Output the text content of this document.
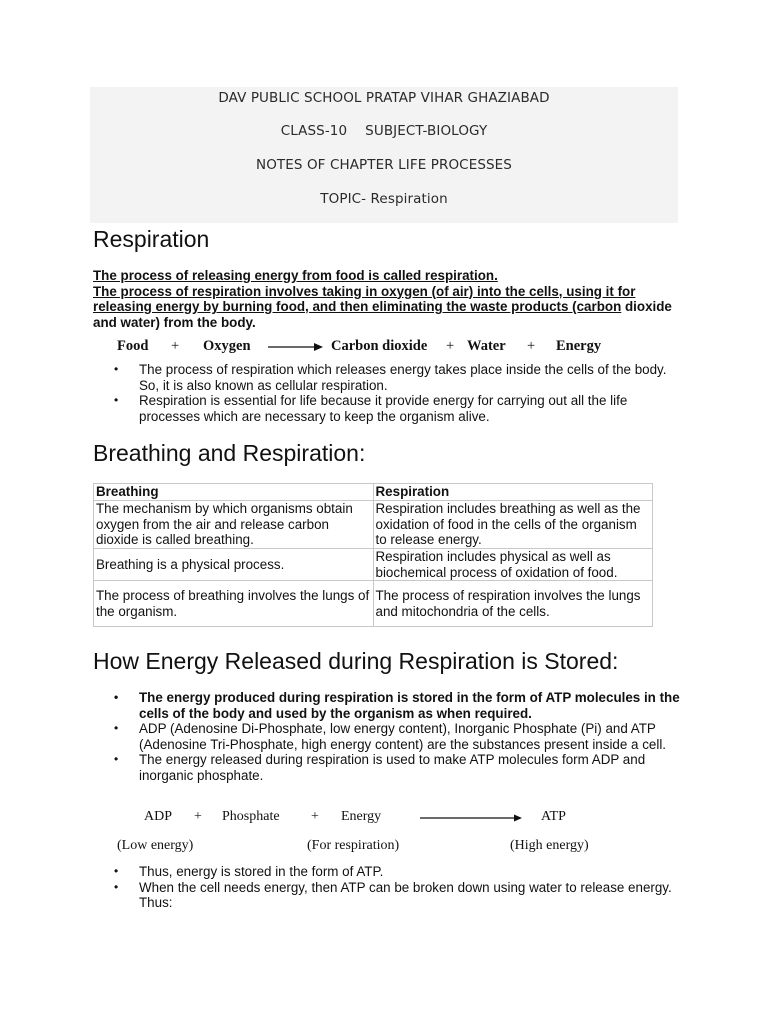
DAV PUBLIC SCHOOL PRATAP VIHAR GHAZIABAD
CLASS-10 SUBJECT-BIOLOGY
NOTES OF CHAPTER LIFE PROCESSES
TOPIC- Respiration
Respiration

The process of releasing energy from food is called respiration.

The process of respiration involves taking in oxygen (of air) into the cells, using it for releasing energy by burning food, and then eliminating the waste products (carbon dioxide and water) from the body.

Food + Oxygen	Carbon dioxide + Water + Energy
• The process of respiration which releases energy takes place inside the cells of the body. So, it is also known as cellular respiration.
• Respiration is essential for life because it provide energy for carrying out all the life processes which are necessary to keep the organism alive.
Breathing and Respiration:
Breathing	Respiration
The mechanism by which organisms obtain oxygen from the air and release carbon dioxide is called breathing.	Respiration includes breathing as well as the oxidation of food in the cells of the organism to release energy.
Breathing is a physical process.	Respiration includes physical as well as biochemical process of oxidation of food.
The process of breathing involves the lungs of the organism.	The process of respiration involves the lungs and mitochondria of the cells.
How Energy Released during Respiration is Stored:
• The energy produced during respiration is stored in the form of ATP molecules in the cells of the body and used by the organism as when required.
• ADP (Adenosine Di-Phosphate, low energy content), Inorganic Phosphate (Pi) and ATP (Adenosine Tri-Phosphate, high energy content) are the substances present inside a cell.
• The energy released during respiration is used to make ATP molecules form ADP and inorganic phosphate.
ADP + Phosphate + Energy	ATP
(Low energy)	(For respiration)	(High energy)
• Thus, energy is stored in the form of ATP.
• When the cell needs energy, then ATP can be broken down using water to release energy. Thus:
